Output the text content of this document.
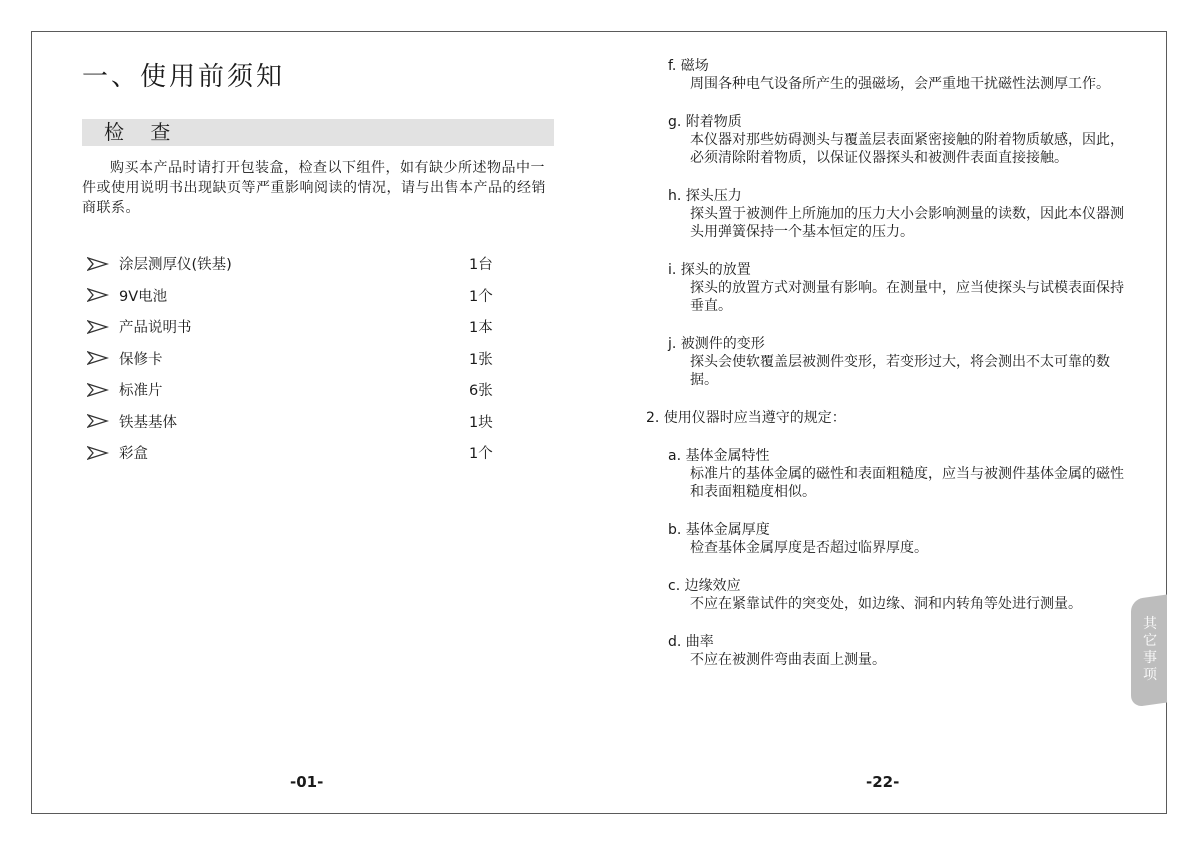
一、使用前须知
检 查
购买本产品时请打开包装盒，检查以下组件，如有缺少所述物品中一件或使用说明书出现缺页等严重影响阅读的情况，请与出售本产品的经销商联系。
涂层测厚仪(铁基)	1台
9V电池	1个
产品说明书	1本
保修卡	1张
标准片	6张
铁基基体	1块
彩盒	1个
-01-
f. 磁场
周围各种电气设备所产生的强磁场，会严重地干扰磁性法测厚工作。
g. 附着物质
本仪器对那些妨碍测头与覆盖层表面紧密接触的附着物质敏感，因此，必须清除附着物质，以保证仪器探头和被测件表面直接接触。
h. 探头压力
探头置于被测件上所施加的压力大小会影响测量的读数，因此本仪器测头用弹簧保持一个基本恒定的压力。
i. 探头的放置
探头的放置方式对测量有影响。在测量中，应当使探头与试模表面保持垂直。
j. 被测件的变形
探头会使软覆盖层被测件变形，若变形过大，将会测出不太可靠的数据。
2. 使用仪器时应当遵守的规定：
a. 基体金属特性
标准片的基体金属的磁性和表面粗糙度，应当与被测件基体金属的磁性和表面粗糙度相似。
b. 基体金属厚度
检查基体金属厚度是否超过临界厚度。
c. 边缘效应
不应在紧靠试件的突变处，如边缘、洞和内转角等处进行测量。
d. 曲率
不应在被测件弯曲表面上测量。
-22-
其它事项
